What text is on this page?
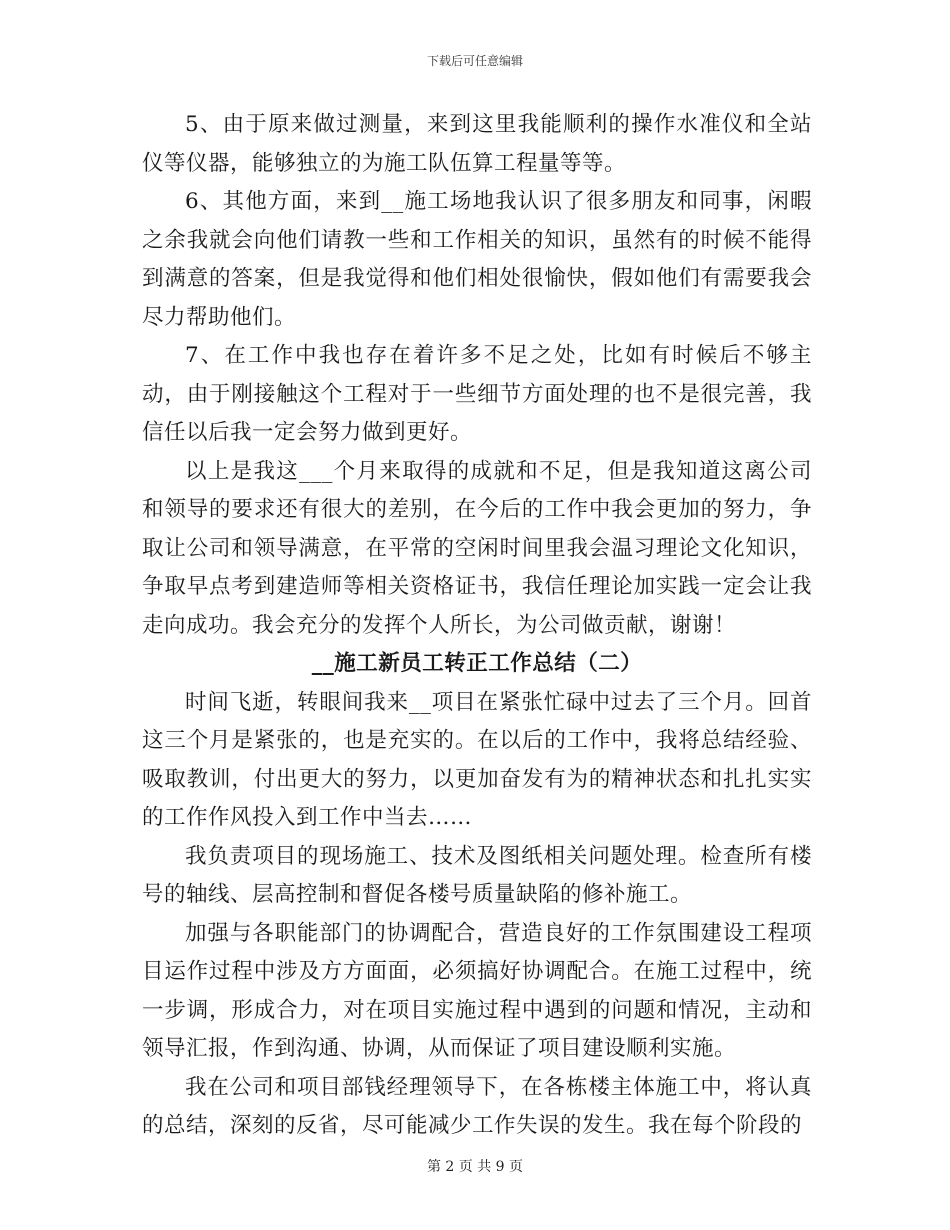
下载后可任意编辑

5、由于原来做过测量，来到这里我能顺利的操作水准仪和全站仪等仪器，能够独立的为施工队伍算工程量等等。

6、其他方面，来到__施工场地我认识了很多朋友和同事，闲暇之余我就会向他们请教一些和工作相关的知识，虽然有的时候不能得到满意的答案，但是我觉得和他们相处很愉快，假如他们有需要我会尽力帮助他们。

7、在工作中我也存在着许多不足之处，比如有时候后不够主动，由于刚接触这个工程对于一些细节方面处理的也不是很完善，我信任以后我一定会努力做到更好。

以上是我这___个月来取得的成就和不足，但是我知道这离公司和领导的要求还有很大的差别，在今后的工作中我会更加的努力，争取让公司和领导满意，在平常的空闲时间里我会温习理论文化知识，争取早点考到建造师等相关资格证书，我信任理论加实践一定会让我走向成功。我会充分的发挥个人所长，为公司做贡献，谢谢！

__施工新员工转正工作总结（二）

时间飞逝，转眼间我来__项目在紧张忙碌中过去了三个月。回首这三个月是紧张的，也是充实的。在以后的工作中，我将总结经验、吸取教训，付出更大的努力，以更加奋发有为的精神状态和扎扎实实的工作作风投入到工作中当去……

我负责项目的现场施工、技术及图纸相关问题处理。检查所有楼号的轴线、层高控制和督促各楼号质量缺陷的修补施工。

加强与各职能部门的协调配合，营造良好的工作氛围建设工程项目运作过程中涉及方方面面，必须搞好协调配合。在施工过程中，统一步调，形成合力，对在项目实施过程中遇到的问题和情况，主动和领导汇报，作到沟通、协调，从而保证了项目建设顺利实施。

我在公司和项目部钱经理领导下，在各栋楼主体施工中，将认真的总结，深刻的反省，尽可能减少工作失误的发生。我在每个阶段的

第 2 页 共 9 页
